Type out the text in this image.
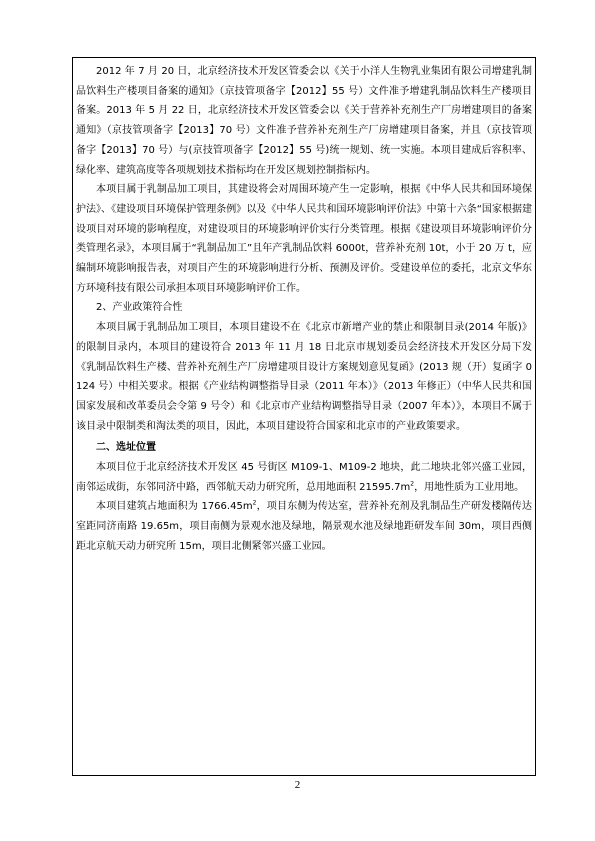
2012 年 7 月 20 日，北京经济技术开发区管委会以《关于小洋人生物乳业集团有限公司增建乳制品饮料生产楼项目备案的通知》（京技管项备字【2012】55 号）文件准予增建乳制品饮料生产楼项目备案。2013 年 5 月 22 日，北京经济技术开发区管委会以《关于营养补充剂生产厂房增建项目的备案通知》（京技管项备字【2013】70 号）文件准予营养补充剂生产厂房增建项目备案，并且（京技管项备字【2013】70 号）与(京技管项备字【2012】55 号)统一规划、统一实施。本项目建成后容积率、绿化率、建筑高度等各项规划技术指标均在开发区规划控制指标内。

本项目属于乳制品加工项目，其建设将会对周围环境产生一定影响，根据《中华人民共和国环境保护法》、《建设项目环境保护管理条例》以及《中华人民共和国环境影响评价法》中第十六条“国家根据建设项目对环境的影响程度，对建设项目的环境影响评价实行分类管理。根据《建设项目环境影响评价分类管理名录》，本项目属于“乳制品加工”且年产乳制品饮料 6000t，营养补充剂 10t，小于 20 万 t，应编制环境影响报告表，对项目产生的环境影响进行分析、预测及评价。受建设单位的委托，北京文华东方环境科技有限公司承担本项目环境影响评价工作。

2、产业政策符合性

本项目属于乳制品加工项目，本项目建设不在《北京市新增产业的禁止和限制目录(2014 年版)》的限制目录内，本项目的建设符合 2013 年 11 月 18 日北京市规划委员会经济技术开发区分局下发《乳制品饮料生产楼、营养补充剂生产厂房增建项目设计方案规划意见复函》(2013 规（开）复函字 0124 号）中相关要求。根据《产业结构调整指导目录（2011 年本）》（2013 年修正）（中华人民共和国国家发展和改革委员会令第 9 号令）和《北京市产业结构调整指导目录（2007 年本）》，本项目不属于该目录中限制类和淘汰类的项目，因此，本项目建设符合国家和北京市的产业政策要求。

二、选址位置

本项目位于北京经济技术开发区 45 号街区 M109-1、M109-2 地块，此二地块北邻兴盛工业园，南邻运成街，东邻同济中路，西邻航天动力研究所，总用地面积 $21595.7m^2$，用地性质为工业用地。

本项目建筑占地面积为 $1766.45m^2$，项目东侧为传达室，营养补充剂及乳制品生产研发楼隔传达室距同济南路 19.65m，项目南侧为景观水池及绿地，隔景观水池及绿地距研发车间 30m，项目西侧距北京航天动力研究所 15m，项目北侧紧邻兴盛工业园。

2
